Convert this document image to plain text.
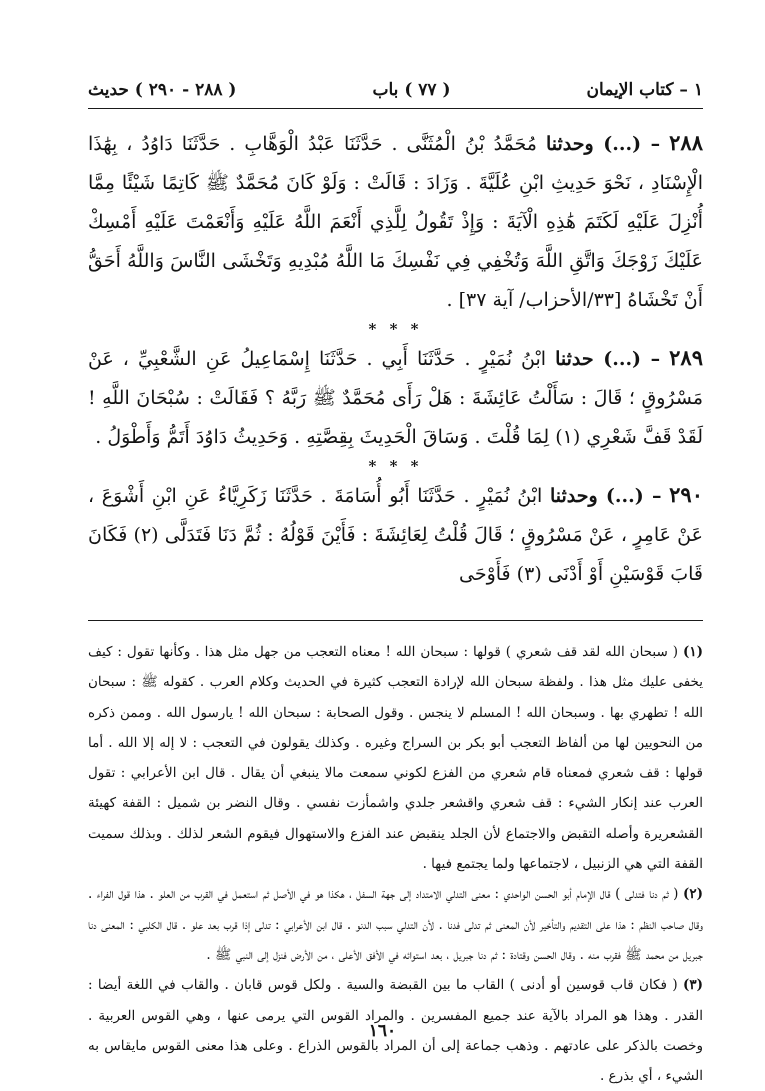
١ – كتاب الإيمان
( ٧٧ ) باب
( ٢٨٨ - ٢٩٠ ) حديث

٢٨٨ – (...) وحدثنا مُحَمَّدُ بْنُ الْمُثَنَّى . حَدَّثَنَا عَبْدُ الْوَهَّابِ . حَدَّثَنَا دَاوُدُ ، بِهَٰذَا الْإِسْنَادِ ، نَحْوَ حَدِيثِ ابْنِ عُلَيَّةَ . وَزَادَ : قَالَتْ : وَلَوْ كَانَ مُحَمَّدٌ ﷺ كَاتِمًا شَيْئًا مِمَّا أُنْزِلَ عَلَيْهِ لَكَتَمَ هَٰذِهِ الْآيَةَ : وَإِذْ تَقُولُ لِلَّذِي أَنْعَمَ اللَّهُ عَلَيْهِ وَأَنْعَمْتَ عَلَيْهِ أَمْسِكْ عَلَيْكَ زَوْجَكَ وَاتَّقِ اللَّهَ وَتُخْفِي فِي نَفْسِكَ مَا اللَّهُ مُبْدِيهِ وَتَخْشَى النَّاسَ وَاللَّهُ أَحَقُّ أَنْ تَخْشَاهُ [٣٣/الأحزاب/ آية ٣٧] .

* * *

٢٨٩ – (...) حدثنا ابْنُ نُمَيْرٍ . حَدَّثَنَا أَبِي . حَدَّثَنَا إِسْمَاعِيلُ عَنِ الشَّعْبِيِّ ، عَنْ مَسْرُوقٍ ؛ قَالَ : سَأَلْتُ عَائِشَةَ : هَلْ رَأَى مُحَمَّدٌ ﷺ رَبَّهُ ؟ فَقَالَتْ : سُبْحَانَ اللَّهِ ! لَقَدْ قَفَّ شَعْرِي (١) لِمَا قُلْتَ . وَسَاقَ الْحَدِيثَ بِقِصَّتِهِ . وَحَدِيثُ دَاوُدَ أَتَمُّ وَأَطْوَلُ .

* * *

٢٩٠ – (...) وحدثنا ابْنُ نُمَيْرٍ . حَدَّثَنَا أَبُو أُسَامَةَ . حَدَّثَنَا زَكَرِيَّاءُ عَنِ ابْنِ أَشْوَعَ ، عَنْ عَامِرٍ ، عَنْ مَسْرُوقٍ ؛ قَالَ قُلْتُ لِعَائِشَةَ : فَأَيْنَ قَوْلُهُ : ثُمَّ دَنَا فَتَدَلَّى (٢) فَكَانَ قَابَ قَوْسَيْنِ أَوْ أَدْنَى (٣) فَأَوْحَى

(١) ( سبحان الله لقد قف شعري ) قولها : سبحان الله ! معناه التعجب من جهل مثل هذا . وكأنها تقول : كيف يخفى عليك مثل هذا . ولفظة سبحان الله لإرادة التعجب كثيرة في الحديث وكلام العرب . كقوله ﷺ : سبحان الله ! تطهري بها . وسبحان الله ! المسلم لا ينجس . وقول الصحابة : سبحان الله ! يارسول الله . وممن ذكره من النحويين لها من ألفاظ التعجب أبو بكر بن السراج وغيره . وكذلك يقولون في التعجب : لا إله إلا الله . أما قولها : قف شعري فمعناه قام شعري من الفزع لكوني سمعت مالا ينبغي أن يقال . قال ابن الأعرابي : تقول العرب عند إنكار الشيء : قف شعري واقشعر جلدي واشمأزت نفسي . وقال النضر بن شميل : القفة كهيئة القشعريرة وأصله التقبض والاجتماع لأن الجلد ينقبض عند الفزع والاستهوال فيقوم الشعر لذلك . وبذلك سميت القفة التي هي الزنبيل ، لاجتماعها ولما يجتمع فيها .

(٢) ( ثم دنا فتدلى ) قال الإمام أبو الحسن الواحدي : معنى التدلي الامتداد إلى جهة السفل ، هكذا هو في الأصل ثم استعمل في القرب من العلو . هذا قول الفراء . وقال صاحب النظم : هذا على التقديم والتأخير لأن المعنى ثم تدلى فدنا . لأن التدلي سبب الدنو . قال ابن الأعرابي : تدلى إذا قرب بعد علو . قال الكلبي : المعنى دنا جبريل من محمد ﷺ فقرب منه . وقال الحسن وقتادة : ثم دنا جبريل ، بعد استوائه في الأفق الأعلى ، من الأرض فنزل إلى النبي ﷺ .

(٣) ( فكان قاب قوسين أو أدنى ) القاب ما بين القبضة والسية . ولكل قوس قابان . والقاب في اللغة أيضا : القدر . وهذا هو المراد بالآية عند جميع المفسرين . والمراد القوس التي يرمى عنها ، وهي القوس العربية . وخصت بالذكر على عادتهم . وذهب جماعة إلى أن المراد بالقوس الذراع . وعلى هذا معنى القوس مايقاس به الشيء ، أي بذرع .

١٦٠
